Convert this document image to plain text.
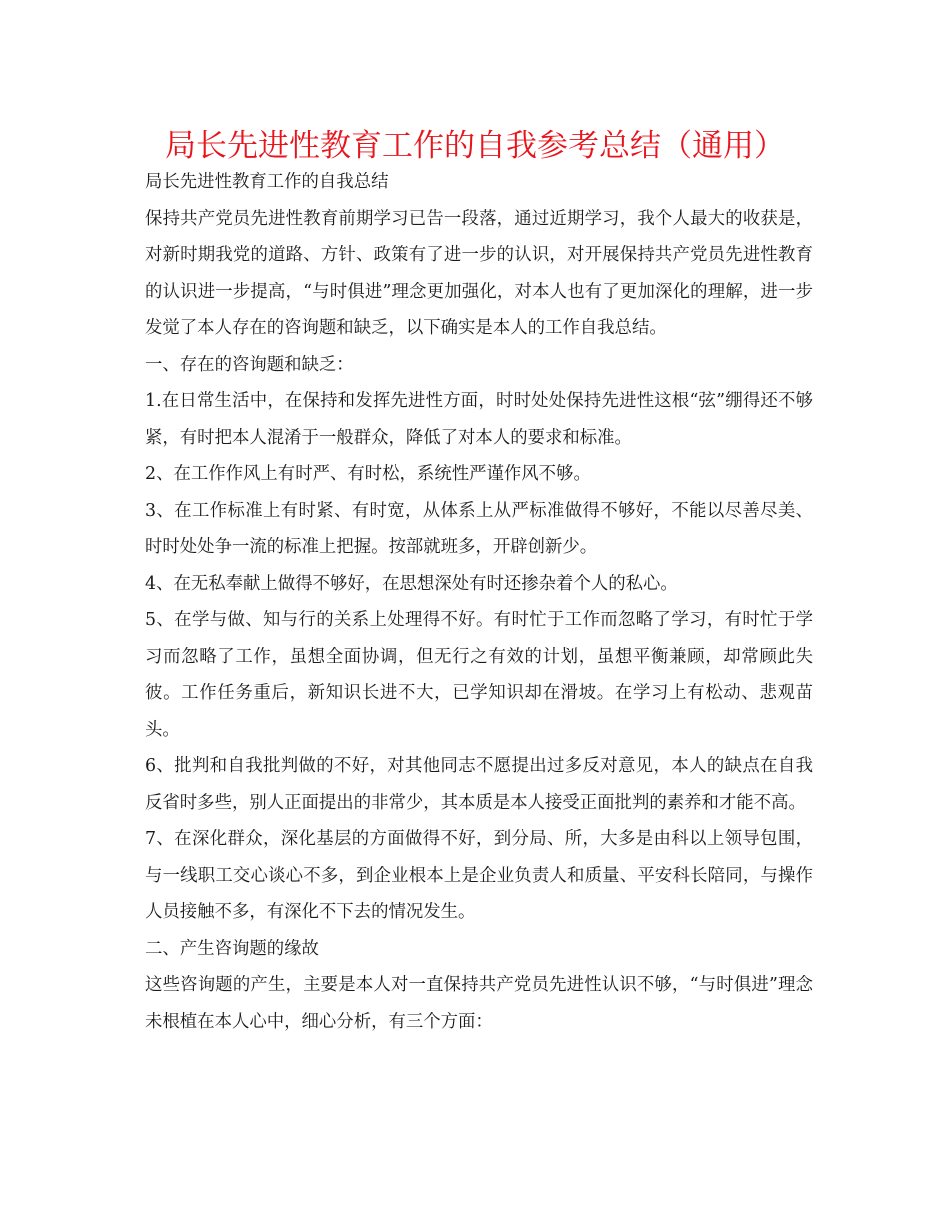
局长先进性教育工作的自我参考总结（通用）

局长先进性教育工作的自我总结

保持共产党员先进性教育前期学习已告一段落，通过近期学习，我个人最大的收获是，对新时期我党的道路、方针、政策有了进一步的认识，对开展保持共产党员先进性教育的认识进一步提高，“与时俱进”理念更加强化，对本人也有了更加深化的理解，进一步发觉了本人存在的咨询题和缺乏，以下确实是本人的工作自我总结。

一、存在的咨询题和缺乏：

1.在日常生活中，在保持和发挥先进性方面，时时处处保持先进性这根“弦”绷得还不够紧，有时把本人混淆于一般群众，降低了对本人的要求和标准。

2、在工作作风上有时严、有时松，系统性严谨作风不够。

3、在工作标准上有时紧、有时宽，从体系上从严标准做得不够好，不能以尽善尽美、时时处处争一流的标准上把握。按部就班多，开辟创新少。

4、在无私奉献上做得不够好，在思想深处有时还掺杂着个人的私心。

5、在学与做、知与行的关系上处理得不好。有时忙于工作而忽略了学习，有时忙于学习而忽略了工作，虽想全面协调，但无行之有效的计划，虽想平衡兼顾，却常顾此失彼。工作任务重后，新知识长进不大，已学知识却在滑坡。在学习上有松动、悲观苗头。

6、批判和自我批判做的不好，对其他同志不愿提出过多反对意见，本人的缺点在自我反省时多些，别人正面提出的非常少，其本质是本人接受正面批判的素养和才能不高。

7、在深化群众，深化基层的方面做得不好，到分局、所，大多是由科以上领导包围，与一线职工交心谈心不多，到企业根本上是企业负责人和质量、平安科长陪同，与操作人员接触不多，有深化不下去的情况发生。

二、产生咨询题的缘故

这些咨询题的产生，主要是本人对一直保持共产党员先进性认识不够，“与时俱进”理念未根植在本人心中，细心分析，有三个方面：
